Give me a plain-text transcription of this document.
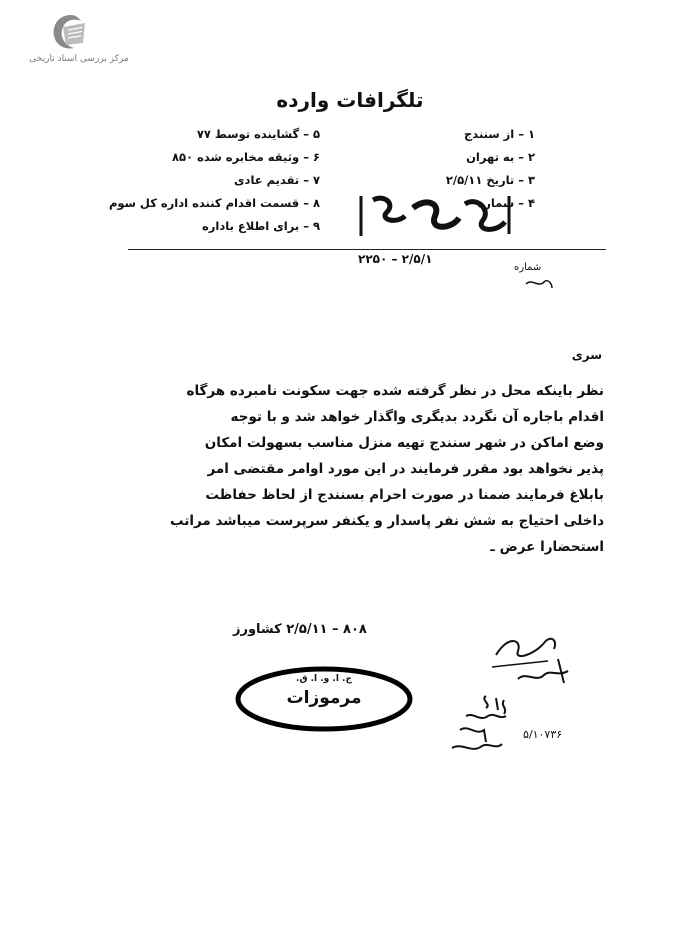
مرکز بررسی اسناد تاریخی
تلگرافات وارده
۱ – از سنندج
۲ – به تهران
۳ – تاریخ ۲/۵/۱۱
۴ – شماره
۵ – گشاینده توسط ۷۷
۶ – وثیقه مخابره شده ۸۵۰
۷ – تقدیم عادی
۸ – قسمت اقدام کننده اداره کل سوم
۹ – برای اطلاع باداره
۲/۵/۱ – ۲۲۵۰
شماره
سری
نظر باینکه محل در نظر گرفته شده جهت سکونت نامبرده هرگاه
اقدام باجاره آن نگردد بدیگری واگذار خواهد شد و با توجه
وضع اماکن در شهر سنندج تهیه منزل مناسب بسهولت امکان
پذیر نخواهد بود مقرر فرمایند در این مورد اوامر مقتضی امر
بابلاغ فرمایند ضمنا در صورت احرام بسنندج از لحاظ حفاظت
داخلی احتیاج به شش نفر پاسدار و یکنفر سرپرست میباشد مراتب
استحضارا عرض ـ
۸۰۸ – ۲/۵/۱۱ کشاورز
ج. ا. و. ا. ق.
مرموزات
۵/۱۰۷۳۶
